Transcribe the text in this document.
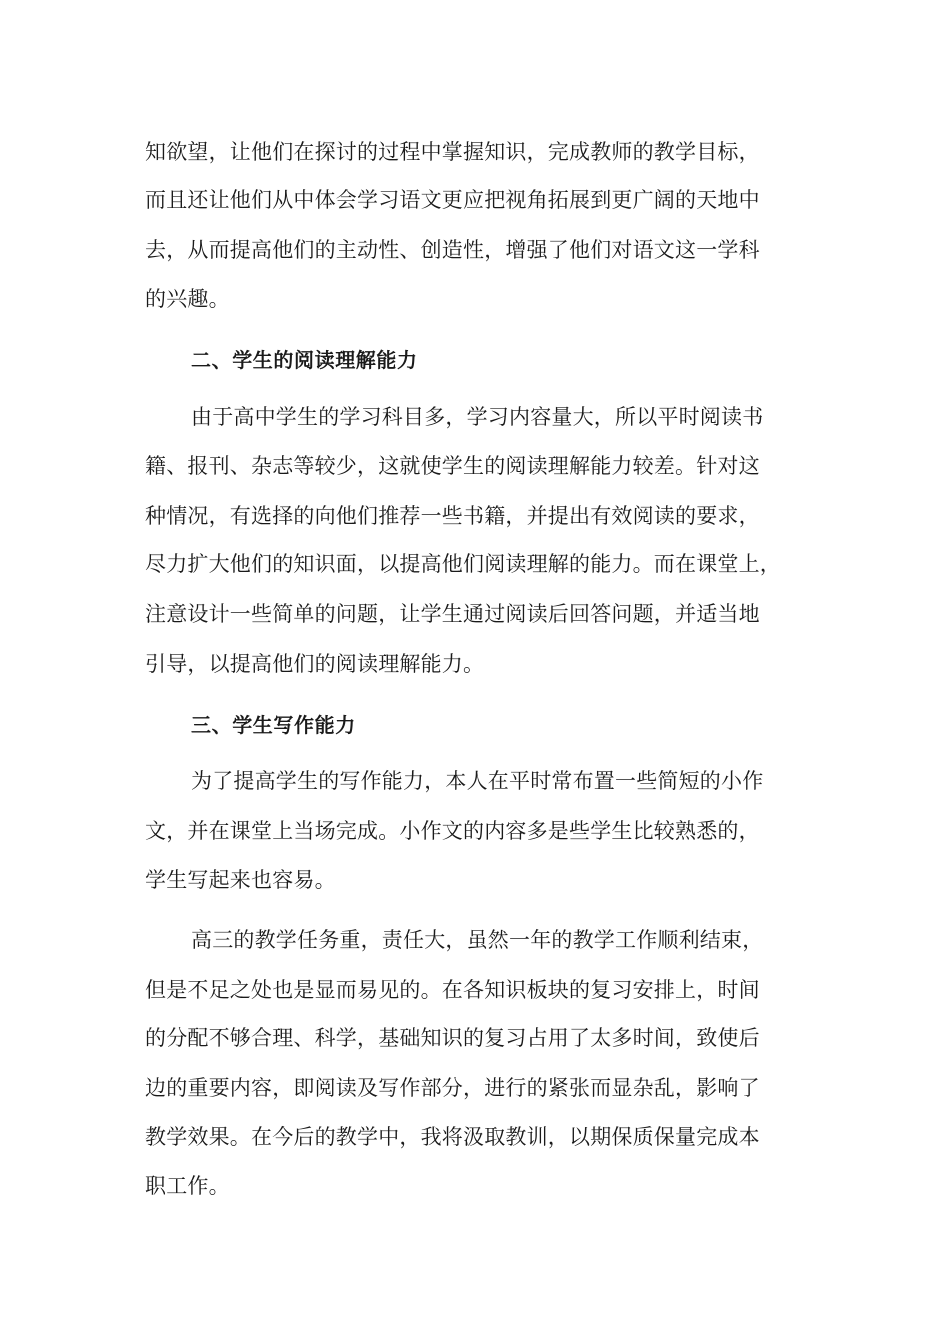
知欲望，让他们在探讨的过程中掌握知识，完成教师的教学目标，
而且还让他们从中体会学习语文更应把视角拓展到更广阔的天地中
去，从而提高他们的主动性、创造性，增强了他们对语文这一学科
的兴趣。
二、学生的阅读理解能力
由于高中学生的学习科目多，学习内容量大，所以平时阅读书
籍、报刊、杂志等较少，这就使学生的阅读理解能力较差。针对这
种情况，有选择的向他们推荐一些书籍，并提出有效阅读的要求，
尽力扩大他们的知识面，以提高他们阅读理解的能力。而在课堂上，
注意设计一些简单的问题，让学生通过阅读后回答问题，并适当地
引导，以提高他们的阅读理解能力。
三、学生写作能力
为了提高学生的写作能力，本人在平时常布置一些简短的小作
文，并在课堂上当场完成。小作文的内容多是些学生比较熟悉的，
学生写起来也容易。
高三的教学任务重，责任大，虽然一年的教学工作顺利结束，
但是不足之处也是显而易见的。在各知识板块的复习安排上，时间
的分配不够合理、科学，基础知识的复习占用了太多时间，致使后
边的重要内容，即阅读及写作部分，进行的紧张而显杂乱，影响了
教学效果。在今后的教学中，我将汲取教训，以期保质保量完成本
职工作。
